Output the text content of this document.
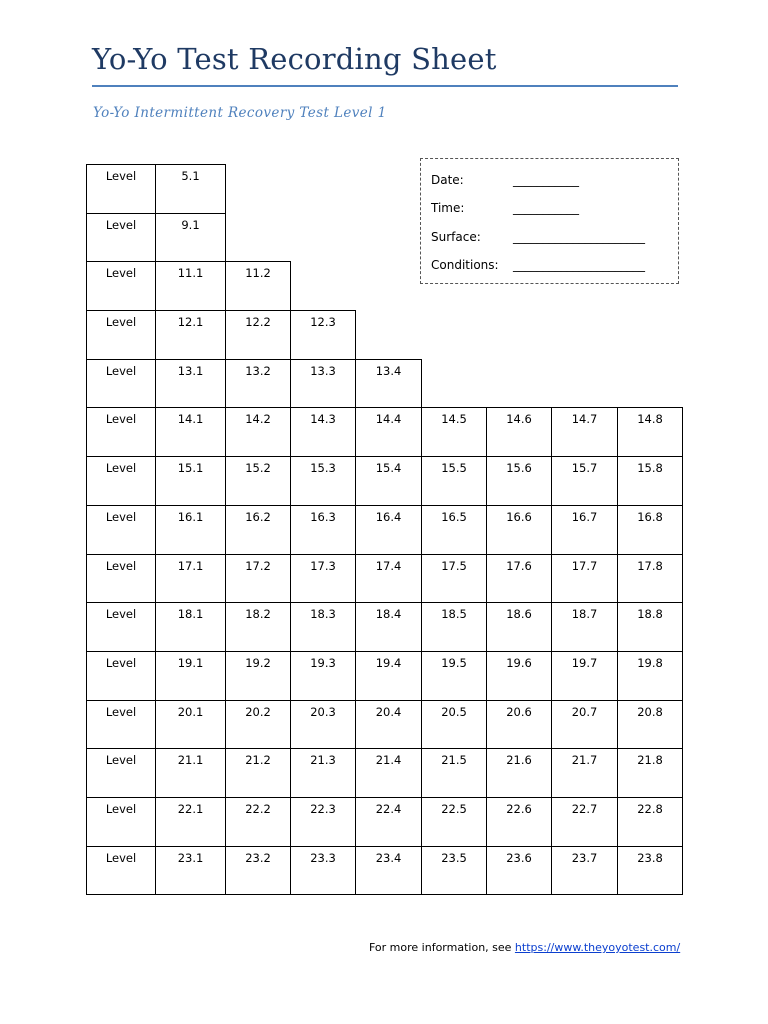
Yo-Yo Test Recording Sheet
Yo-Yo Intermittent Recovery Test Level 1
Date:	___________
Time:	___________
Surface:	______________________
Conditions: ______________________
Level	5.1							
Level	9.1							
Level	11.1	11.2						
Level	12.1	12.2	12.3					
Level	13.1	13.2	13.3	13.4				
Level	14.1	14.2	14.3	14.4	14.5	14.6	14.7	14.8
Level	15.1	15.2	15.3	15.4	15.5	15.6	15.7	15.8
Level	16.1	16.2	16.3	16.4	16.5	16.6	16.7	16.8
Level	17.1	17.2	17.3	17.4	17.5	17.6	17.7	17.8
Level	18.1	18.2	18.3	18.4	18.5	18.6	18.7	18.8
Level	19.1	19.2	19.3	19.4	19.5	19.6	19.7	19.8
Level	20.1	20.2	20.3	20.4	20.5	20.6	20.7	20.8
Level	21.1	21.2	21.3	21.4	21.5	21.6	21.7	21.8
Level	22.1	22.2	22.3	22.4	22.5	22.6	22.7	22.8
Level	23.1	23.2	23.3	23.4	23.5	23.6	23.7	23.8
For more information, see https://www.theyoyotest.com/
